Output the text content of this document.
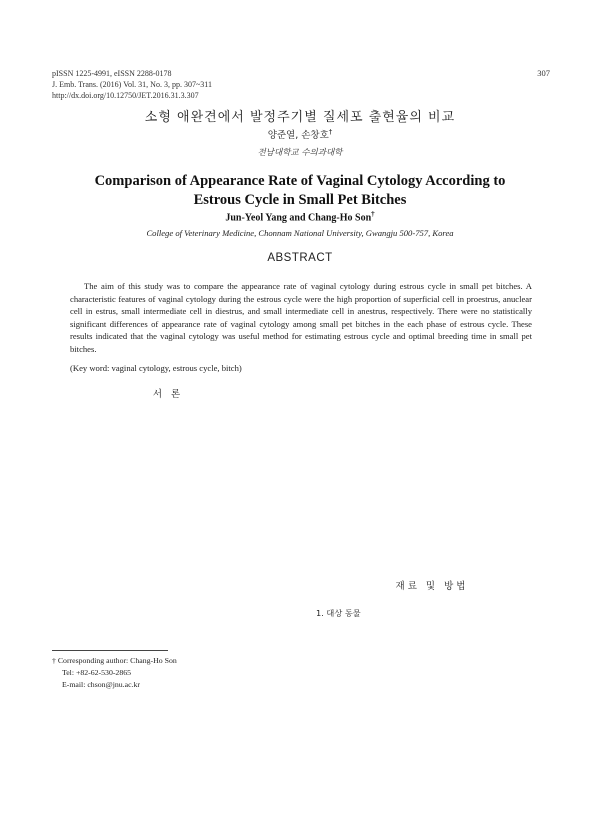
pISSN 1225-4991, eISSN 2288-0178
J. Emb. Trans. (2016) Vol. 31, No. 3, pp. 307~311
http://dx.doi.org/10.12750/JET.2016.31.3.307
307
소형 애완견에서 발정주기별 질세포 출현율의 비교
양준열, 손창호†
전남대학교 수의과대학
Comparison of Appearance Rate of Vaginal Cytology According to Estrous Cycle in Small Pet Bitches
Jun-Yeol Yang and Chang-Ho Son†
College of Veterinary Medicine, Chonnam National University, Gwangju 500-757, Korea
ABSTRACT

The aim of this study was to compare the appearance rate of vaginal cytology during estrous cycle in small pet bitches. A characteristic features of vaginal cytology during the estrous cycle were the high proportion of superficial cell in proestrus, anuclear cell in estrus, small intermediate cell in diestrus, and small intermediate cell in anestrus, respectively. There were no statistically significant differences of appearance rate of vaginal cytology among small pet bitches in the each phase of estrous cycle. These results indicated that the vaginal cytology was useful method for estimating estrous cycle and optimal breeding time in small pet bitches.

(Key word: vaginal cytology, estrous cycle, bitch)
서 론
재료 및 방법
1. 대상 동물
† Corresponding author: Chang-Ho Son
Tel: +82-62-530-2865
E-mail: chson@jnu.ac.kr
